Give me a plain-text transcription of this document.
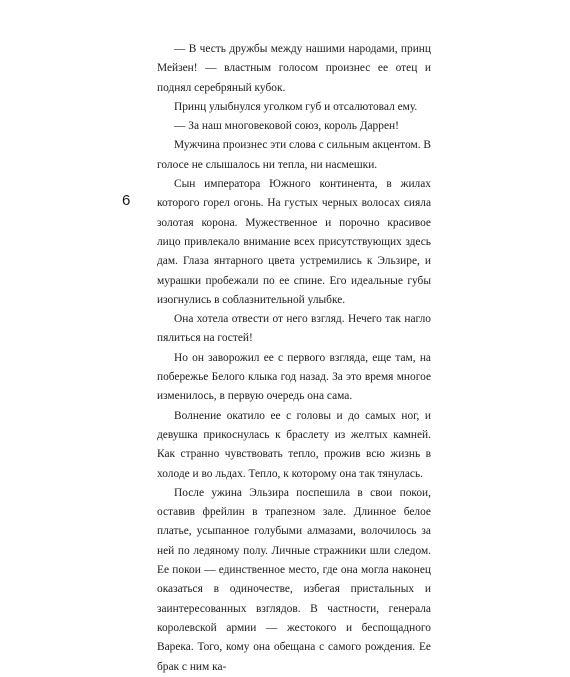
6

— В честь дружбы между нашими народами, принц Мейзен! — властным голосом произнес ее отец и поднял серебряный кубок.

Принц улыбнулся уголком губ и отсалютовал ему.

— За наш многовековой союз, король Даррен!

Мужчина произнес эти слова с сильным акцентом. В голосе не слышалось ни тепла, ни насмешки.

Сын императора Южного континента, в жилах которого горел огонь. На густых черных волосах сияла золотая корона. Мужественное и порочно красивое лицо привлекало внимание всех присутствующих здесь дам. Глаза янтарного цвета устремились к Эльзире, и мурашки пробежали по ее спине. Его идеальные губы изогнулись в соблазнительной улыбке.

Она хотела отвести от него взгляд. Нечего так нагло пялиться на гостей!

Но он заворожил ее с первого взгляда, еще там, на побережье Белого клыка год назад. За это время многое изменилось, в первую очередь она сама.

Волнение окатило ее с головы и до самых ног, и девушка прикоснулась к браслету из желтых камней. Как странно чувствовать тепло, прожив всю жизнь в холоде и во льдах. Тепло, к которому она так тянулась.

После ужина Эльзира поспешила в свои покои, оставив фрейлин в трапезном зале. Длинное белое платье, усыпанное голубыми алмазами, волочилось за ней по ледяному полу. Личные стражники шли следом. Ее покои — единственное место, где она могла наконец оказаться в одиночестве, избегая пристальных и заинтересованных взглядов. В частности, генерала королевской армии — жестокого и беспощадного Варека. Того, кому она обещана с самого рождения. Ее брак с ним ка-
